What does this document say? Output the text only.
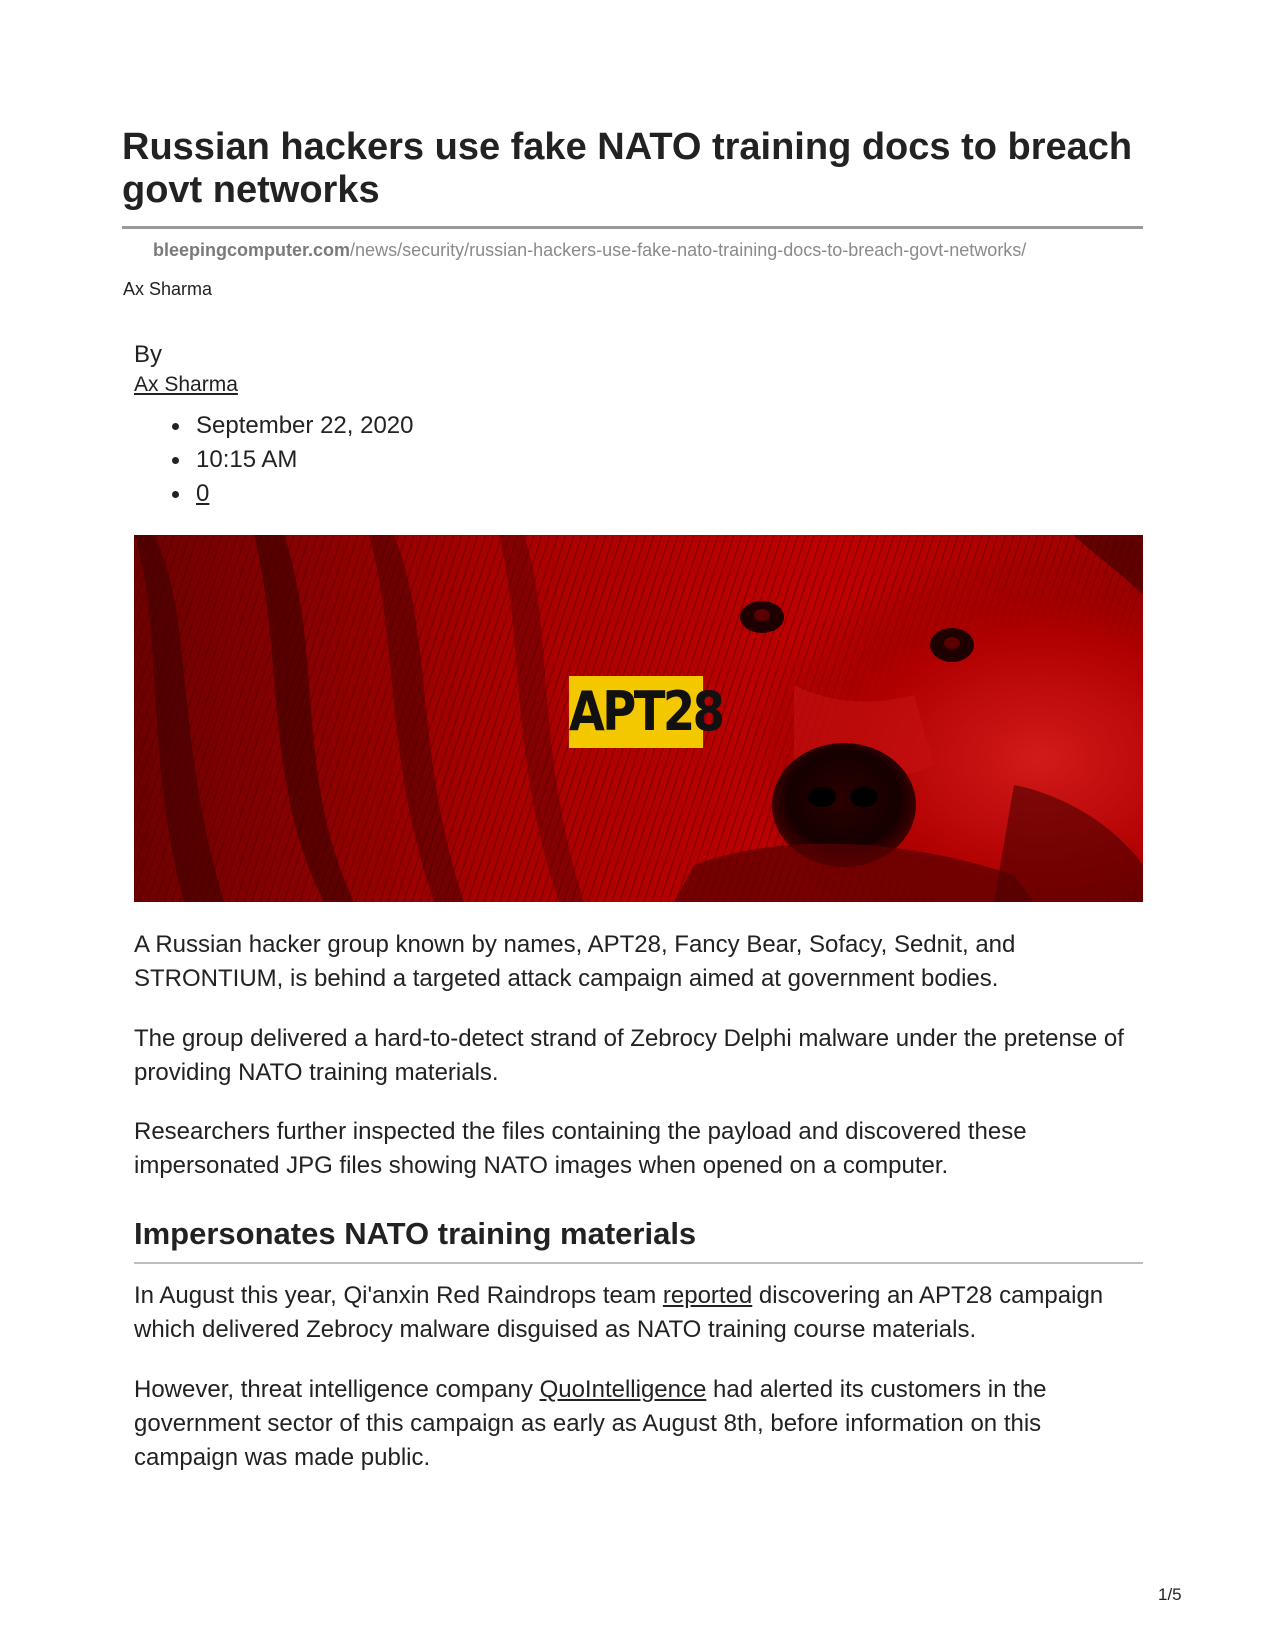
Russian hackers use fake NATO training docs to breach govt networks
bleepingcomputer.com/news/security/russian-hackers-use-fake-nato-training-docs-to-breach-govt-networks/
Ax Sharma
By
Ax Sharma
September 22, 2020
10:15 AM
0
APT28

A Russian hacker group known by names, APT28, Fancy Bear, Sofacy, Sednit, and STRONTIUM, is behind a targeted attack campaign aimed at government bodies.

The group delivered a hard-to-detect strand of Zebrocy Delphi malware under the pretense of providing NATO training materials.

Researchers further inspected the files containing the payload and discovered these impersonated JPG files showing NATO images when opened on a computer.

Impersonates NATO training materials

In August this year, Qi'anxin Red Raindrops team reported discovering an APT28 campaign which delivered Zebrocy malware disguised as NATO training course materials.

However, threat intelligence company QuoIntelligence had alerted its customers in the government sector of this campaign as early as August 8th, before information on this campaign was made public.

1/5
